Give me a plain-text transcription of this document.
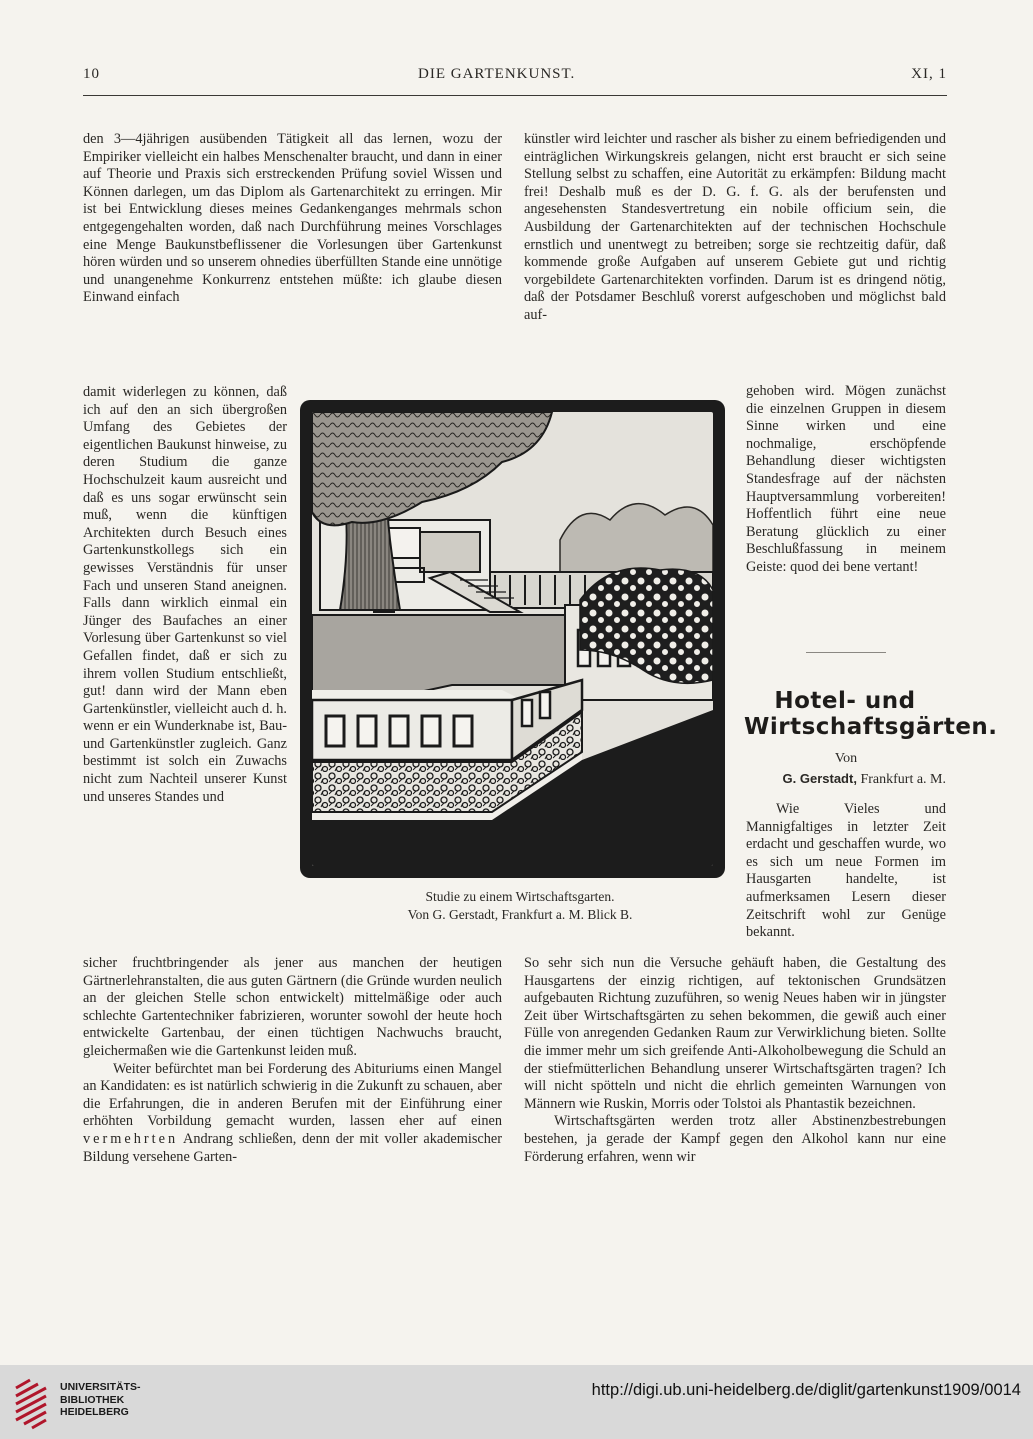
10	DIE GARTENKUNST.	XI, 1
den 3—4jährigen ausübenden Tätigkeit all das lernen, wozu der Empiriker vielleicht ein halbes Menschenalter braucht, und dann in einer auf Theorie und Praxis sich erstreckenden Prüfung soviel Wissen und Können darlegen, um das Diplom als Gartenarchitekt zu erringen. Mir ist bei Entwicklung dieses meines Gedankenganges mehrmals schon entgegengehalten worden, daß nach Durchführung meines Vorschlages eine Menge Baukunstbeflissener die Vorlesungen über Gartenkunst hören würden und so unserem ohnedies überfüllten Stande eine unnötige und unangenehme Konkurrenz entstehen müßte: ich glaube diesen Einwand einfach
künstler wird leichter und rascher als bisher zu einem befriedigenden und einträglichen Wirkungskreis gelangen, nicht erst braucht er sich seine Stellung selbst zu schaffen, eine Autorität zu erkämpfen: Bildung macht frei! Deshalb muß es der D. G. f. G. als der berufensten und angesehensten Standesvertretung ein nobile officium sein, die Ausbildung der Gartenarchitekten auf der technischen Hochschule ernstlich und unentwegt zu betreiben; sorge sie rechtzeitig dafür, daß kommende große Aufgaben auf unserem Gebiete gut und richtig vorgebildete Gartenarchitekten vorfinden. Darum ist es dringend nötig, daß der Potsdamer Beschluß vorerst aufgeschoben und möglichst bald auf-
damit widerlegen zu können, daß ich auf den an sich übergroßen Umfang des Gebietes der eigentlichen Baukunst hinweise, zu deren Studium die ganze Hochschulzeit kaum ausreicht und daß es uns sogar erwünscht sein muß, wenn die künftigen Architekten durch Besuch eines Gartenkunstkollegs sich ein gewisses Verständnis für unser Fach und unseren Stand aneignen. Falls dann wirklich einmal ein Jünger des Baufaches an einer Vorlesung über Gartenkunst so viel Gefallen findet, daß er sich zu ihrem vollen Studium entschließt, gut! dann wird der Mann eben Gartenkünstler, vielleicht auch d. h. wenn er ein Wunderknabe ist, Bau- und Gartenkünstler zugleich. Ganz bestimmt ist solch ein Zuwachs nicht zum Nachteil unserer Kunst und unseres Standes und
gehoben wird. Mögen zunächst die einzelnen Gruppen in diesem Sinne wirken und eine nochmalige, erschöpfende Behandlung dieser wichtigsten Standesfrage auf der nächsten Hauptversammlung vorbereiten! Hoffentlich führt eine neue Beratung glücklich zu einer Beschlußfassung in meinem Geiste: quod dei bene vertant!
Hotel- und
Wirtschaftsgärten.
Von
G. Gerstadt, Frankfurt a. M.
Wie Vieles und Mannigfaltiges in letzter Zeit erdacht und geschaffen wurde, wo es sich um neue Formen im Hausgarten handelte, ist aufmerksamen Lesern dieser Zeitschrift wohl zur Genüge bekannt.
Studie zu einem Wirtschaftsgarten.
Von G. Gerstadt, Frankfurt a. M. Blick B.
sicher fruchtbringender als jener aus manchen der heutigen Gärtnerlehranstalten, die aus guten Gärtnern (die Gründe wurden neulich an der gleichen Stelle schon entwickelt) mittelmäßige oder auch schlechte Gartentechniker fabrizieren, worunter sowohl der heute hoch entwickelte Gartenbau, der einen tüchtigen Nachwuchs braucht, gleichermaßen wie die Gartenkunst leiden muß.
Weiter befürchtet man bei Forderung des Abituriums einen Mangel an Kandidaten: es ist natürlich schwierig in die Zukunft zu schauen, aber die Erfahrungen, die in anderen Berufen mit der Einführung einer erhöhten Vorbildung gemacht wurden, lassen eher auf einen vermehrten Andrang schließen, denn der mit voller akademischer Bildung versehene Garten-
So sehr sich nun die Versuche gehäuft haben, die Gestaltung des Hausgartens der einzig richtigen, auf tektonischen Grundsätzen aufgebauten Richtung zuzuführen, so wenig Neues haben wir in jüngster Zeit über Wirtschaftsgärten zu sehen bekommen, die gewiß auch einer Fülle von anregenden Gedanken Raum zur Verwirklichung bieten. Sollte die immer mehr um sich greifende Anti-Alkoholbewegung die Schuld an der stiefmütterlichen Behandlung unserer Wirtschaftsgärten tragen? Ich will nicht spötteln und nicht die ehrlich gemeinten Warnungen von Männern wie Ruskin, Morris oder Tolstoi als Phantastik bezeichnen.
Wirtschaftsgärten werden trotz aller Abstinenzbestrebungen bestehen, ja gerade der Kampf gegen den Alkohol kann nur eine Förderung erfahren, wenn wir
UNIVERSITÄTS-
BIBLIOTHEK
HEIDELBERG
http://digi.ub.uni-heidelberg.de/diglit/gartenkunst1909/0014
